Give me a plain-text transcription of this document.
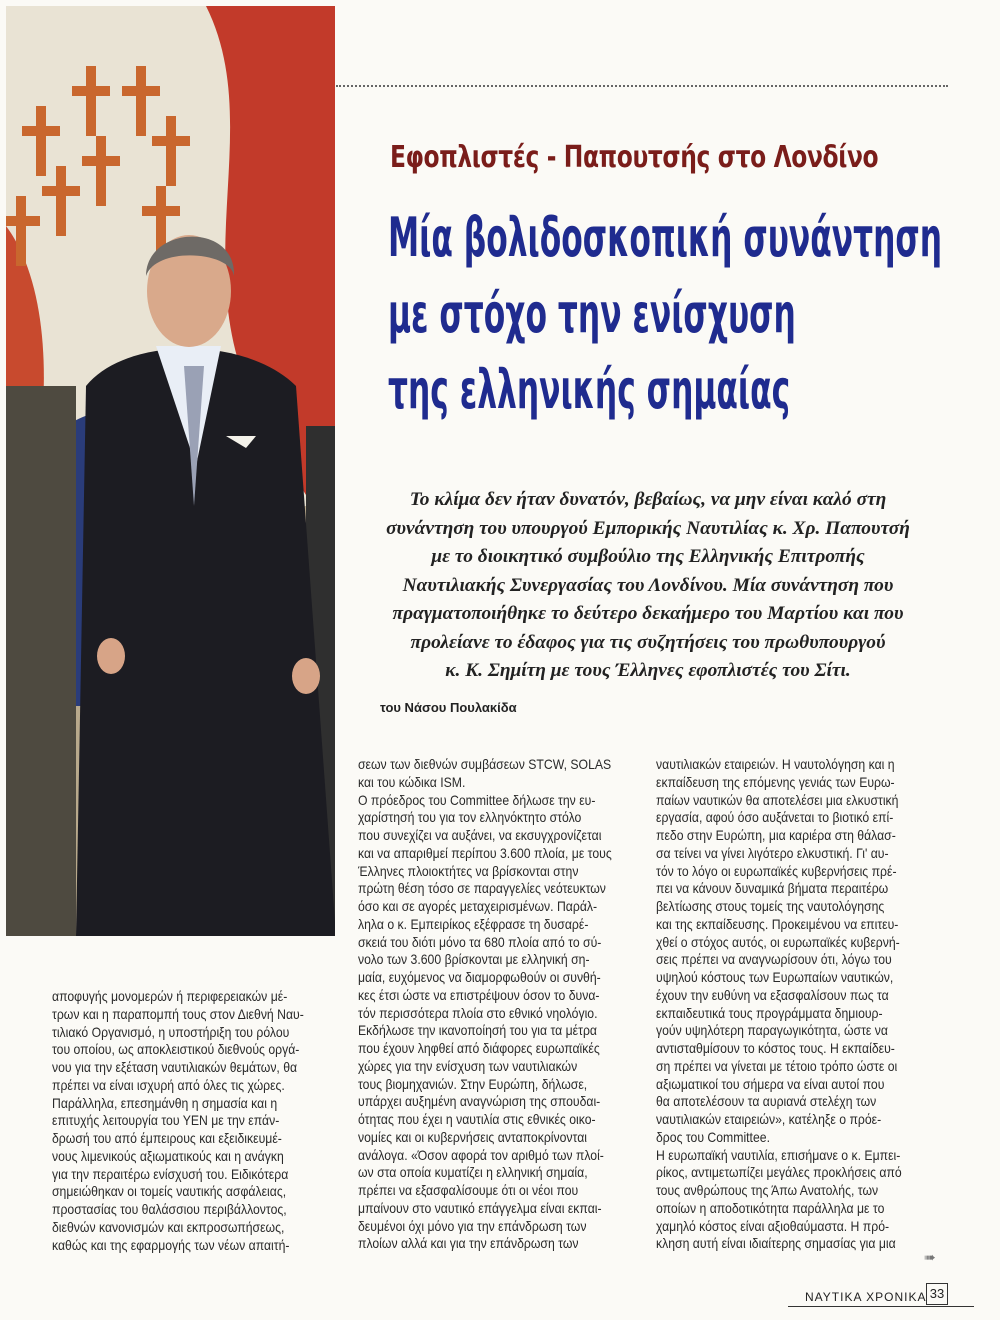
Εφοπλιστές - Παπουτσής στο Λονδίνο
Μία βολιδοσκοπική συνάντηση
με στόχο την ενίσχυση
της ελληνικής σημαίας
Το κλίμα δεν ήταν δυνατόν, βεβαίως, να μην είναι καλό στη
συνάντηση του υπουργού Εμπορικής Ναυτιλίας κ. Χρ. Παπουτσή
με το διοικητικό συμβούλιο της Ελληνικής Επιτροπής
Ναυτιλιακής Συνεργασίας του Λονδίνου. Μία συνάντηση που
πραγματοποιήθηκε το δεύτερο δεκαήμερο του Μαρτίου και που
προλείανε το έδαφος για τις συζητήσεις του πρωθυπουργού
κ. Κ. Σημίτη με τους Έλληνες εφοπλιστές του Σίτι.
του Νάσου Πουλακίδα

αποφυγής μονομερών ή περιφερειακών μέ-

τρων και η παραπομπή τους στον Διεθνή Ναυ-

τιλιακό Οργανισμό, η υποστήριξη του ρόλου

του οποίου, ως αποκλειστικού διεθνούς οργά-

νου για την εξέταση ναυτιλιακών θεμάτων, θα

πρέπει να είναι ισχυρή από όλες τις χώρες.

Παράλληλα, επεσημάνθη η σημασία και η

επιτυχής λειτουργία του ΥΕΝ με την επάν-

δρωσή του από έμπειρους και εξειδικευμέ-

νους λιμενικούς αξιωματικούς και η ανάγκη

για την περαιτέρω ενίσχυσή του. Ειδικότερα

σημειώθηκαν οι τομείς ναυτικής ασφάλειας,

προστασίας του θαλάσσιου περιβάλλοντος,

διεθνών κανονισμών και εκπροσωπήσεως,

καθώς και της εφαρμογής των νέων απαιτή-

σεων των διεθνών συμβάσεων STCW, SOLAS

και του κώδικα ISM.

Ο πρόεδρος του Committee δήλωσε την ευ-

χαρίστησή του για τον ελληνόκτητο στόλο

που συνεχίζει να αυξάνει, να εκσυγχρονίζεται

και να απαριθμεί περίπου 3.600 πλοία, με τους

Έλληνες πλοιοκτήτες να βρίσκονται στην

πρώτη θέση τόσο σε παραγγελίες νεότευκτων

όσο και σε αγορές μεταχειρισμένων. Παράλ-

ληλα ο κ. Εμπειρίκος εξέφρασε τη δυσαρέ-

σκειά του διότι μόνο τα 680 πλοία από το σύ-

νολο των 3.600 βρίσκονται με ελληνική ση-

μαία, ευχόμενος να διαμορφωθούν οι συνθή-

κες έτσι ώστε να επιστρέψουν όσον το δυνα-

τόν περισσότερα πλοία στο εθνικό νηολόγιο.

Εκδήλωσε την ικανοποίησή του για τα μέτρα

που έχουν ληφθεί από διάφορες ευρωπαϊκές

χώρες για την ενίσχυση των ναυτιλιακών

τους βιομηχανιών. Στην Ευρώπη, δήλωσε,

υπάρχει αυξημένη αναγνώριση της σπουδαι-

ότητας που έχει η ναυτιλία στις εθνικές οικο-

νομίες και οι κυβερνήσεις ανταποκρίνονται

ανάλογα. «Όσον αφορά τον αριθμό των πλοί-

ων στα οποία κυματίζει η ελληνική σημαία,

πρέπει να εξασφαλίσουμε ότι οι νέοι που

μπαίνουν στο ναυτικό επάγγελμα είναι εκπαι-

δευμένοι όχι μόνο για την επάνδρωση των

πλοίων αλλά και για την επάνδρωση των

ναυτιλιακών εταιρειών. Η ναυτολόγηση και η

εκπαίδευση της επόμενης γενιάς των Ευρω-

παίων ναυτικών θα αποτελέσει μια ελκυστική

εργασία, αφού όσο αυξάνεται το βιοτικό επί-

πεδο στην Ευρώπη, μια καριέρα στη θάλασ-

σα τείνει να γίνει λιγότερο ελκυστική. Γι' αυ-

τόν το λόγο οι ευρωπαϊκές κυβερνήσεις πρέ-

πει να κάνουν δυναμικά βήματα περαιτέρω

βελτίωσης στους τομείς της ναυτολόγησης

και της εκπαίδευσης. Προκειμένου να επιτευ-

χθεί ο στόχος αυτός, οι ευρωπαϊκές κυβερνή-

σεις πρέπει να αναγνωρίσουν ότι, λόγω του

υψηλού κόστους των Ευρωπαίων ναυτικών,

έχουν την ευθύνη να εξασφαλίσουν πως τα

εκπαιδευτικά τους προγράμματα δημιουρ-

γούν υψηλότερη παραγωγικότητα, ώστε να

αντισταθμίσουν το κόστος τους. Η εκπαίδευ-

ση πρέπει να γίνεται με τέτοιο τρόπο ώστε οι

αξιωματικοί του σήμερα να είναι αυτοί που

θα αποτελέσουν τα αυριανά στελέχη των

ναυτιλιακών εταιρειών», κατέληξε ο πρόε-

δρος του Committee.

Η ευρωπαϊκή ναυτιλία, επισήμανε ο κ. Εμπει-

ρίκος, αντιμετωπίζει μεγάλες προκλήσεις από

τους ανθρώπους της Άπω Ανατολής, των

οποίων η αποδοτικότητα παράλληλα με το

χαμηλό κόστος είναι αξιοθαύμαστα. Η πρό-

κληση αυτή είναι ιδιαίτερης σημασίας για μια

➠
ΝΑΥΤΙΚΑ ΧΡΟΝΙΚΑ 33
